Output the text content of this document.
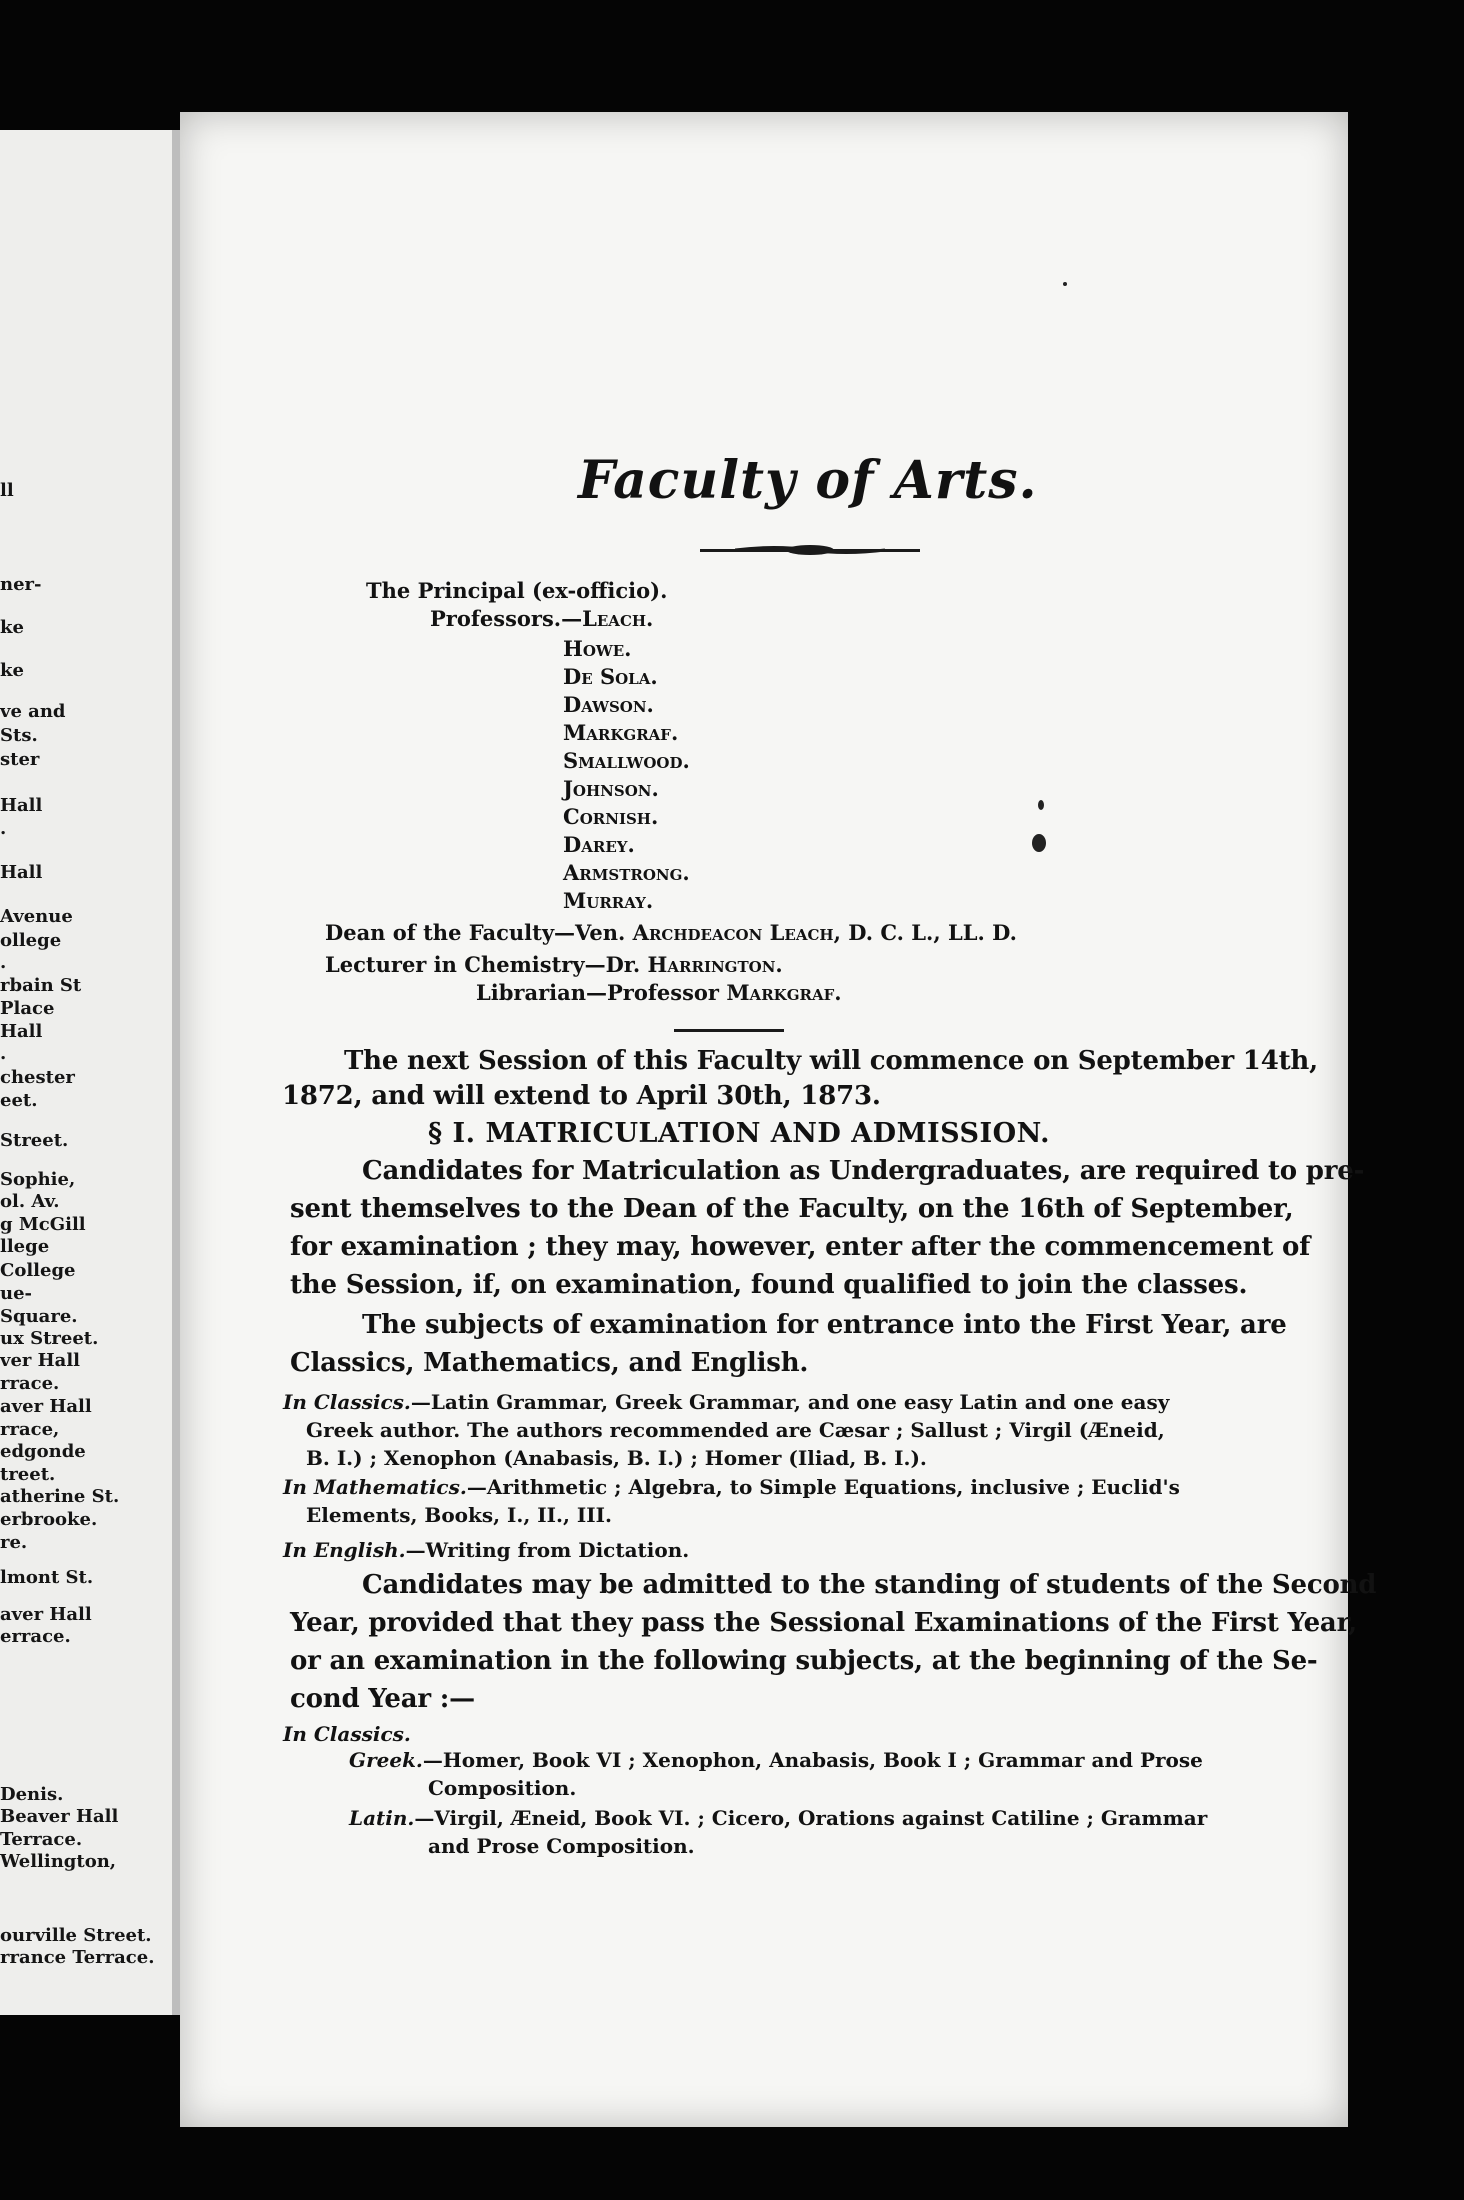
ll
ner-
ke
ke
ve and
Sts.
ster
Hall
.
Hall
Avenue
ollege
.
rbain St
Place
Hall
.
chester
eet.
Street.
Sophie,
ol. Av.
g McGill
llege
College
ue-
Square.
ux Street.
ver Hall
rrace.
aver Hall
rrace,
edgonde
treet.
atherine St.
erbrooke.
re.
lmont St.
aver Hall
errace.
Denis.
Beaver Hall
Terrace.
Wellington,
ourville Street.
rrance Terrace.
Faculty of Arts.
The Principal (ex-officio).
Professors.—Leach.
Howe.
De Sola.
Dawson.
Markgraf.
Smallwood.
Johnson.
Cornish.
Darey.
Armstrong.
Murray.
Dean of the Faculty—Ven. Archdeacon Leach, D. C. L., LL. D.
Lecturer in Chemistry—Dr. Harrington.
Librarian—Professor Markgraf.
The next Session of this Faculty will commence on September 14th,
1872, and will extend to April 30th, 1873.
§ I. MATRICULATION AND ADMISSION.
Candidates for Matriculation as Undergraduates, are required to pre-
sent themselves to the Dean of the Faculty, on the 16th of September,
for examination ; they may, however, enter after the commencement of
the Session, if, on examination, found qualified to join the classes.
The subjects of examination for entrance into the First Year, are
Classics, Mathematics, and English.
In Classics.—Latin Grammar, Greek Grammar, and one easy Latin and one easy
Greek author. The authors recommended are Cæsar ; Sallust ; Virgil (Æneid,
B. I.) ; Xenophon (Anabasis, B. I.) ; Homer (Iliad, B. I.).
In Mathematics.—Arithmetic ; Algebra, to Simple Equations, inclusive ; Euclid's
Elements, Books, I., II., III.
In English.—Writing from Dictation.
Candidates may be admitted to the standing of students of the Second
Year, provided that they pass the Sessional Examinations of the First Year,
or an examination in the following subjects, at the beginning of the Se-
cond Year :—
In Classics.
Greek.—Homer, Book VI ; Xenophon, Anabasis, Book I ; Grammar and Prose
Composition.
Latin.—Virgil, Æneid, Book VI. ; Cicero, Orations against Catiline ; Grammar
and Prose Composition.
